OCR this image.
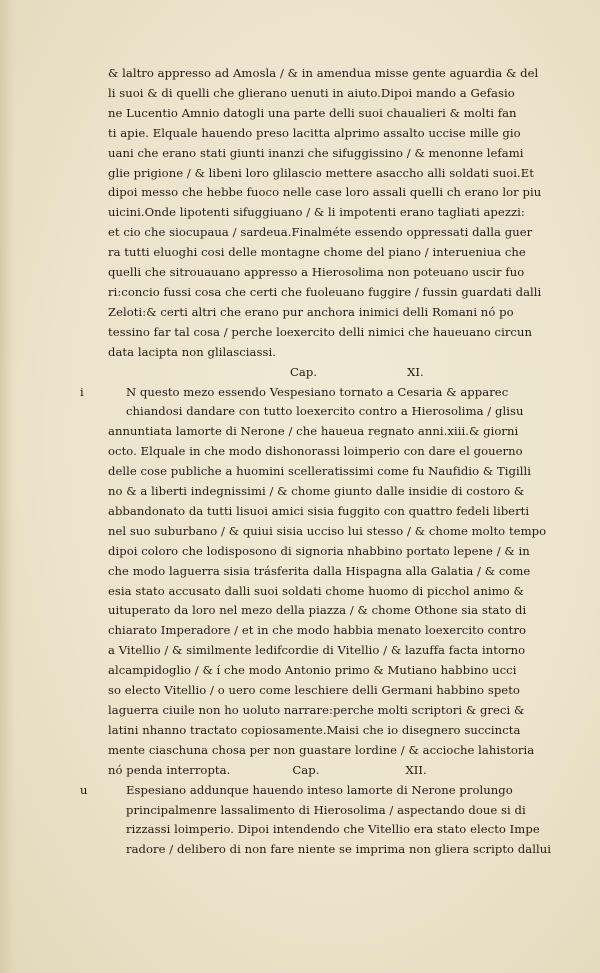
& laltro appresso ad Amosla / & in amendua misse gente aguardia & del
li suoi & di quelli che glierano uenuti in aiuto.Dipoi mando a Gefasio
ne Lucentio Amnio datogli una parte delli suoi chaualieri & molti fan
ti apie. Elquale hauendo preso lacitta alprimo assalto uccise mille gio
uani che erano stati giunti inanzi che sifuggissino / & menonne lefami
glie prigione / & libeni loro glilascio mettere asaccho alli soldati suoi.Et
dipoi messo che hebbe fuoco nelle case loro assali quelli ch erano lor piu
uicini.Onde lipotenti sifuggiuano / & li impotenti erano tagliati apezzi:
et cio che siocupaua / sardeua.Finalméte essendo oppressati dalla guer
ra tutti eluoghi cosi delle montagne chome del piano / interueniua che
quelli che sitrouauano appresso a Hierosolima non poteuano uscir fuo
ri:concio fussi cosa che certi che fuoleuano fuggire / fussin guardati dalli
Zeloti:& certi altri che erano pur anchora inimici delli Romani nó po
tessino far tal cosa / perche loexercito delli nimici che haueuano circun
data lacipta non glilasciassi.
Cap.	XI.
i	N questo mezo essendo Vespesiano tornato a Cesaria & apparec
chiandosi dandare con tutto loexercito contro a Hierosolima / glisu
annuntiata lamorte di Nerone / che haueua regnato anni.xiii.& giorni
octo. Elquale in che modo dishonorassi loimperio con dare el gouerno
delle cose publiche a huomini scelleratissimi come fu Naufidio & Tigilli
no & a liberti indegnissimi / & chome giunto dalle insidie di costoro &
abbandonato da tutti lisuoi amici sisia fuggito con quattro fedeli liberti
nel suo suburbano / & quiui sisia ucciso lui stesso / & chome molto tempo
dipoi coloro che lodisposono di signoria nhabbino portato lepene / & in
che modo laguerra sisia trásferita dalla Hispagna alla Galatia / & come
esia stato accusato dalli suoi soldati chome huomo di picchol animo &
uituperato da loro nel mezo della piazza / & chome Othone sia stato di
chiarato Imperadore / et in che modo habbia menato loexercito contro
a Vitellio / & similmente ledifcordie di Vitellio / & lazuffa facta intorno
alcampidoglio / & í che modo Antonio primo & Mutiano habbino ucci
so electo Vitellio / o uero come leschiere delli Germani habbino speto
laguerra ciuile non ho uoluto narrare:perche molti scriptori & greci &
latini nhanno tractato copiosamente.Maisi che io disegnero succincta
mente ciaschuna chosa per non guastare lordine / & accioche lahistoria
nó penda interropta.	Cap.	XII.
u	Espesiano addunque hauendo inteso lamorte di Nerone prolungo
principalmenre lassalimento di Hierosolima / aspectando doue si di
rizzassi loimperio. Dipoi intendendo che Vitellio era stato electo Impe
radore / delibero di non fare niente se imprima non gliera scripto dallui
